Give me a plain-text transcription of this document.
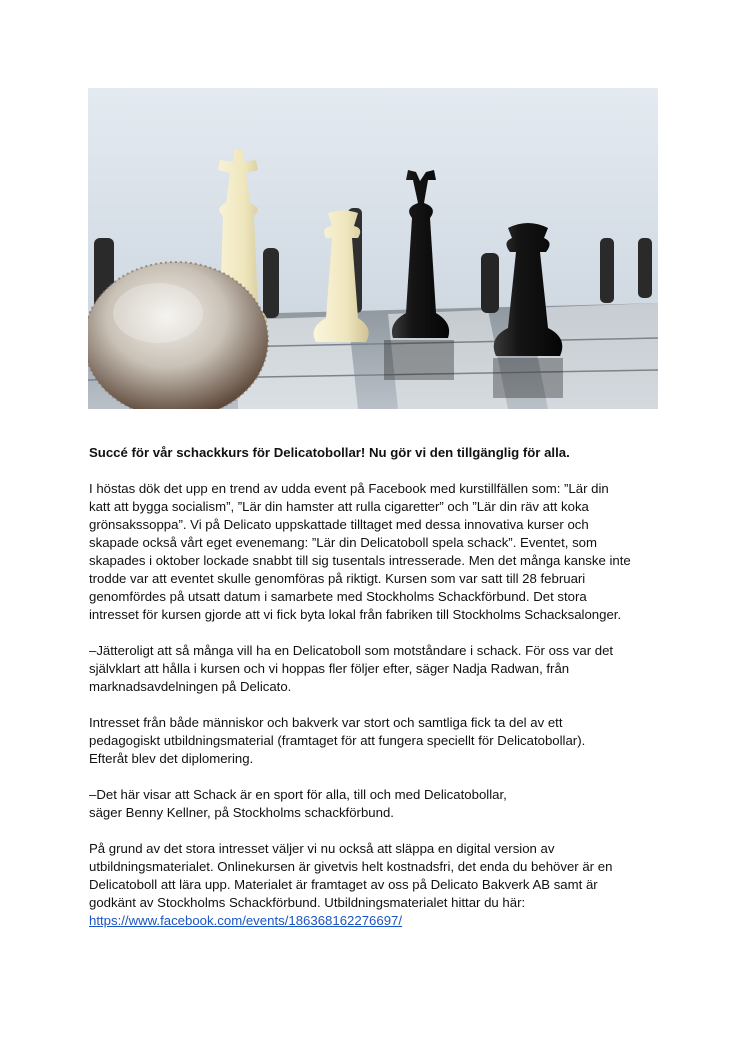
Succé för vår schackkurs för Delicatobollar! Nu gör vi den tillgänglig för alla.

I höstas dök det upp en trend av udda event på Facebook med kurstillfällen som: ”Lär din
katt att bygga socialism”, ”Lär din hamster att rulla cigaretter” och ”Lär din räv att koka
grönsakssoppa”. Vi på Delicato uppskattade tilltaget med dessa innovativa kurser och
skapade också vårt eget evenemang: ”Lär din Delicatoboll spela schack”. Eventet, som
skapades i oktober lockade snabbt till sig tusentals intresserade. Men det många kanske inte
trodde var att eventet skulle genomföras på riktigt. Kursen som var satt till 28 februari
genomfördes på utsatt datum i samarbete med Stockholms Schackförbund. Det stora
intresset för kursen gjorde att vi fick byta lokal från fabriken till Stockholms Schacksalonger.

–Jätteroligt att så många vill ha en Delicatoboll som motståndare i schack. För oss var det
självklart att hålla i kursen och vi hoppas fler följer efter, säger Nadja Radwan, från
marknadsavdelningen på Delicato.

Intresset från både människor och bakverk var stort och samtliga fick ta del av ett
pedagogiskt utbildningsmaterial (framtaget för att fungera speciellt för Delicatobollar).
Efteråt blev det diplomering.

–Det här visar att Schack är en sport för alla, till och med Delicatobollar,
säger Benny Kellner, på Stockholms schackförbund.

På grund av det stora intresset väljer vi nu också att släppa en digital version av
utbildningsmaterialet. Onlinekursen är givetvis helt kostnadsfri, det enda du behöver är en
Delicatoboll att lära upp. Materialet är framtaget av oss på Delicato Bakverk AB samt är
godkänt av Stockholms Schackförbund. Utbildningsmaterialet hittar du här:
https://www.facebook.com/events/186368162276697/
